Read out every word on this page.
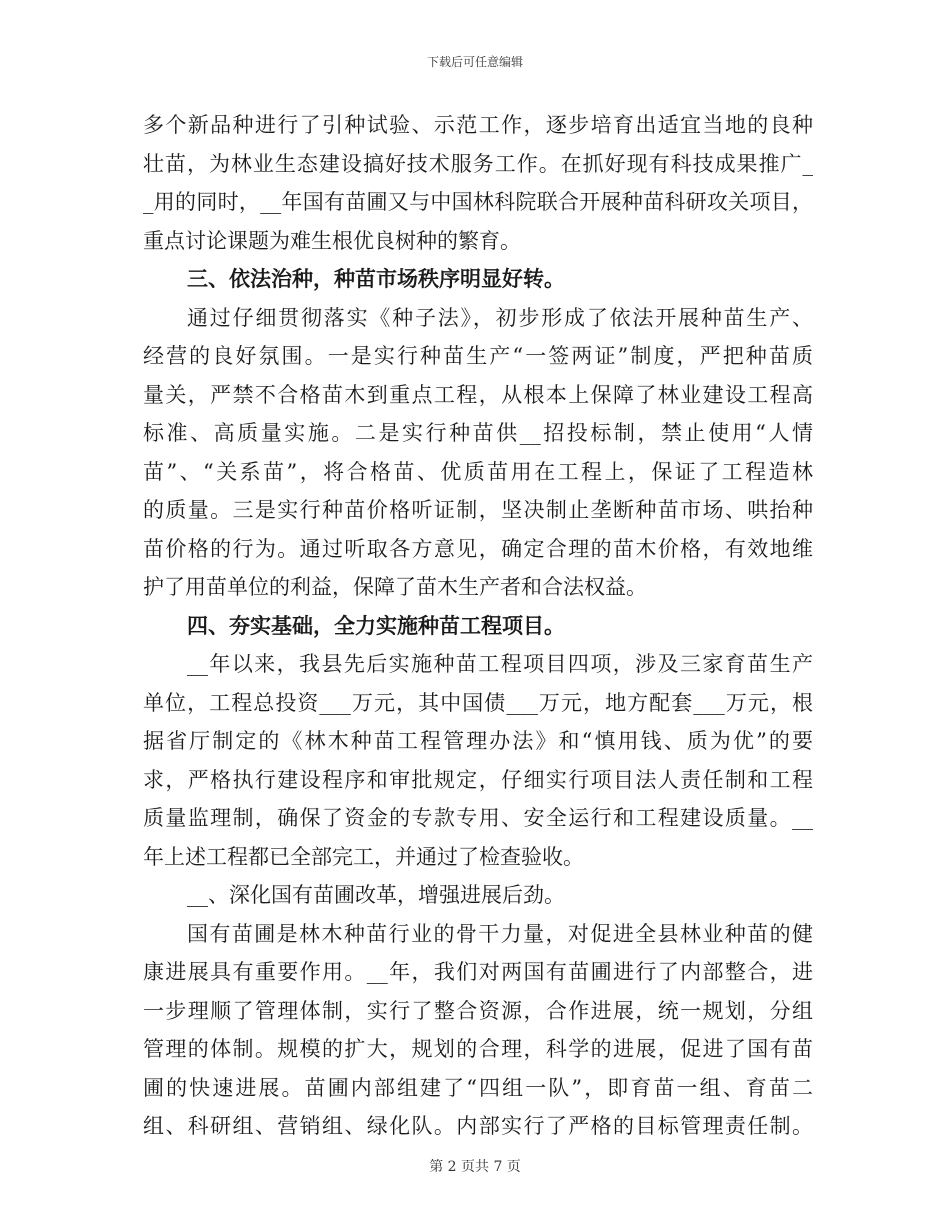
下载后可任意编辑
多个新品种进行了引种试验、示范工作，逐步培育出适宜当地的良种
壮苗，为林业生态建设搞好技术服务工作。在抓好现有科技成果推广_
_用的同时，__年国有苗圃又与中国林科院联合开展种苗科研攻关项目，
重点讨论课题为难生根优良树种的繁育。
三、依法治种，种苗市场秩序明显好转。
通过仔细贯彻落实《种子法》，初步形成了依法开展种苗生产、
经营的良好氛围。一是实行种苗生产“一签两证”制度，严把种苗质
量关，严禁不合格苗木到重点工程，从根本上保障了林业建设工程高
标准、高质量实施。二是实行种苗供__招投标制，禁止使用“人情
苗”、“关系苗”，将合格苗、优质苗用在工程上，保证了工程造林
的质量。三是实行种苗价格听证制，坚决制止垄断种苗市场、哄抬种
苗价格的行为。通过听取各方意见，确定合理的苗木价格，有效地维
护了用苗单位的利益，保障了苗木生产者和合法权益。
四、夯实基础，全力实施种苗工程项目。
__年以来，我县先后实施种苗工程项目四项，涉及三家育苗生产
单位，工程总投资___万元，其中国债___万元，地方配套___万元，根
据省厅制定的《林木种苗工程管理办法》和“慎用钱、质为优”的要
求，严格执行建设程序和审批规定，仔细实行项目法人责任制和工程
质量监理制，确保了资金的专款专用、安全运行和工程建设质量。__
年上述工程都已全部完工，并通过了检查验收。
__、深化国有苗圃改革，增强进展后劲。
国有苗圃是林木种苗行业的骨干力量，对促进全县林业种苗的健
康进展具有重要作用。__年，我们对两国有苗圃进行了内部整合，进
一步理顺了管理体制，实行了整合资源，合作进展，统一规划，分组
管理的体制。规模的扩大，规划的合理，科学的进展，促进了国有苗
圃的快速进展。苗圃内部组建了“四组一队”，即育苗一组、育苗二
组、科研组、营销组、绿化队。内部实行了严格的目标管理责任制。
第 2 页共 7 页
